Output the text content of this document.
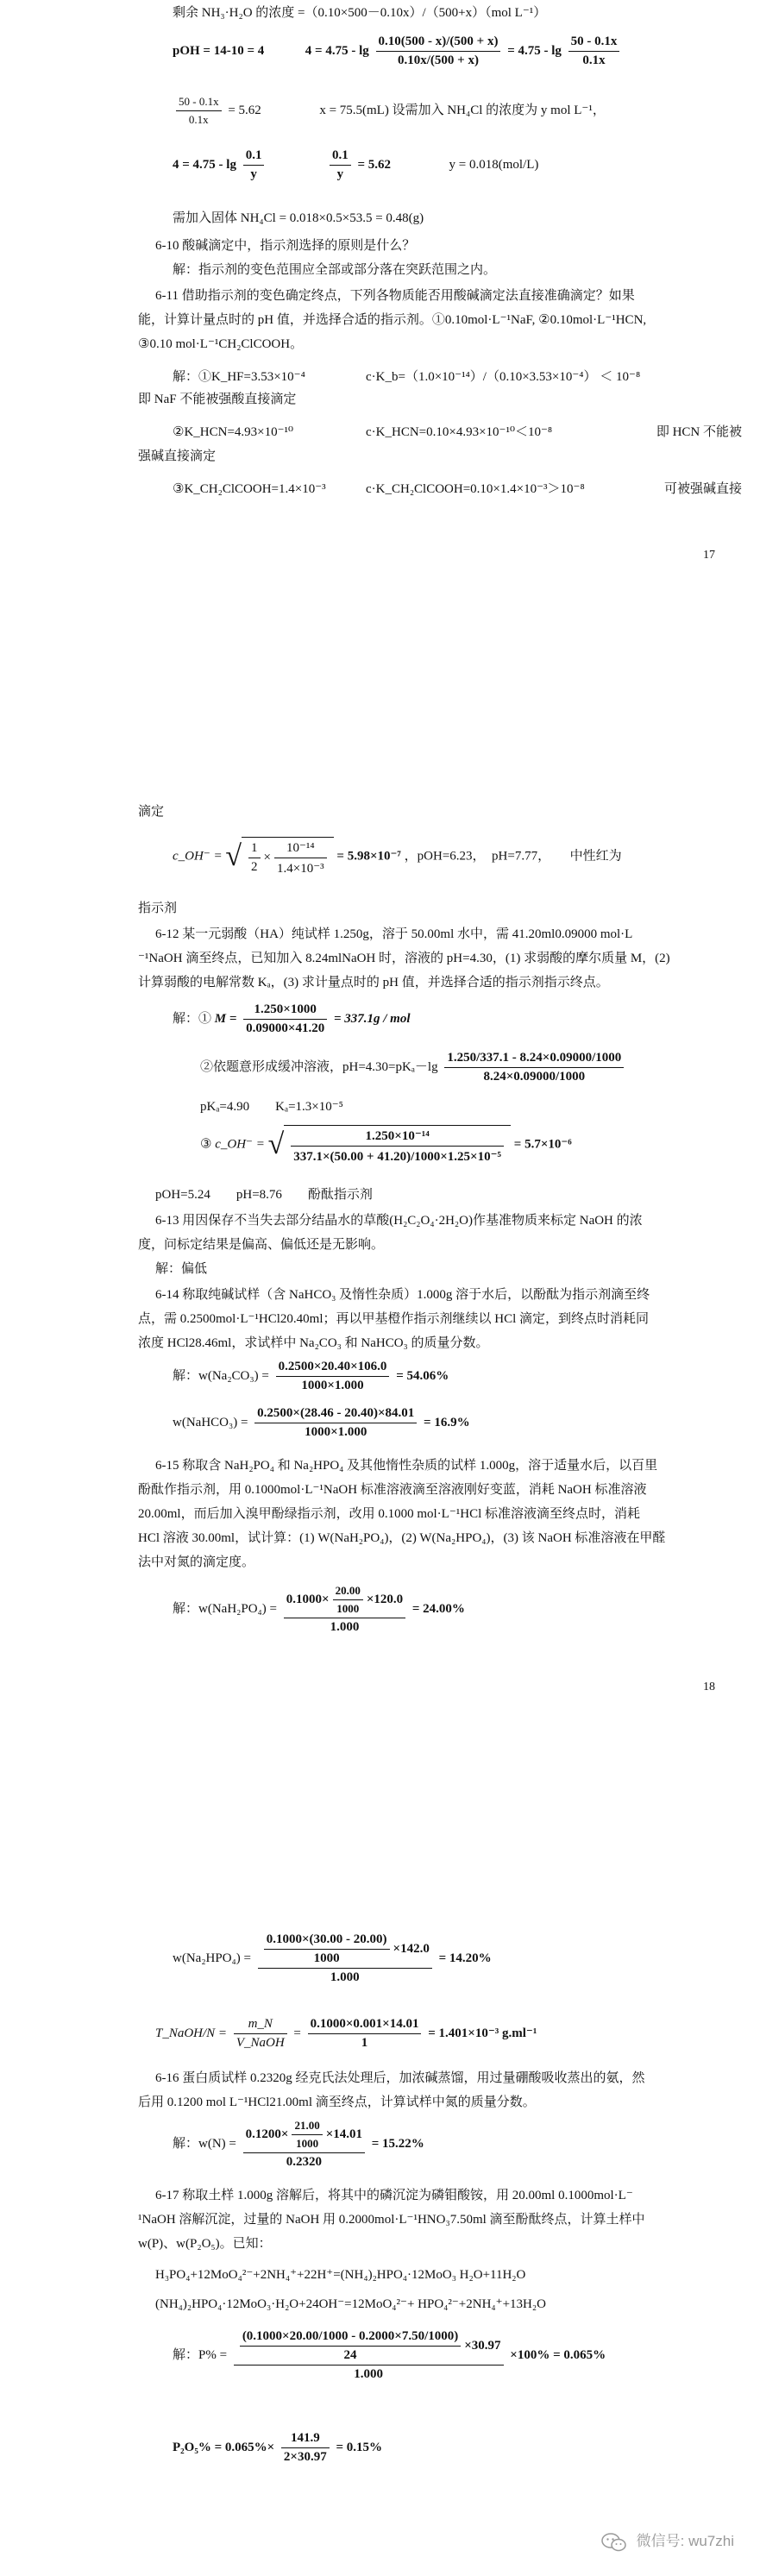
剩余 NH₃·H₂O 的浓度 =（0.10×500－0.10x）/（500+x）（mol L⁻¹）
pOH = 14-10 = 4	$4 = 4.75 - \lg \frac{0.10(500 - x)/(500 + x)}{0.10x/(500 + x)} = 4.75 - \lg \frac{50 - 0.1x}{0.1x}$
$\frac{50 - 0.1x}{0.1x} = 5.62$	x = 75.5(mL) 设需加入 NH₄Cl 的浓度为 y mol L⁻¹，
$4 = 4.75 - \lg \frac{0.1}{y}$
	$\frac{0.1}{y} = 5.62$	y = 0.018(mol/L)
需加入固体 NH₄Cl = 0.018×0.5×53.5 = 0.48(g)
6-10 酸碱滴定中，指示剂选择的原则是什么？
解：指示剂的变色范围应全部或部分落在突跃范围之内。
6-11 借助指示剂的变色确定终点，下列各物质能否用酸碱滴定法直接准确滴定？如果
能，计算计量点时的 pH 值，并选择合适的指示剂。①0.10mol·L⁻¹NaF, ②0.10mol·L⁻¹HCN,
③0.10 mol·L⁻¹CH₂ClCOOH。
解：①K_HF=3.53×10⁻⁴	c·K_b=（1.0×10⁻¹⁴）/（0.10×3.53×10⁻⁴） ＜ 10⁻⁸
即 NaF 不能被强酸直接滴定
②K_HCN=4.93×10⁻¹⁰	c·K_HCN=0.10×4.93×10⁻¹⁰＜10⁻⁸	即 HCN 不能被
强碱直接滴定
③K_CH₂ClCOOH=1.4×10⁻³	c·K_CH₂ClCOOH=0.10×1.4×10⁻³＞10⁻⁸	可被强碱直接
17
滴定
c_OH⁻ = √ $\frac{1}{2} \times \frac{\text{10⁻¹⁴}}{\text{1.4×10⁻³}} = 5.98\times 10^{-7}$ ，pOH=6.23，　pH=7.77，　　中性红为
指示剂
6-12 某一元弱酸（HA）纯试样 1.250g，溶于 50.00ml 水中，需 41.20ml0.09000 mol·L
⁻¹NaOH 滴至终点，已知加入 8.24mlNaOH 时，溶液的 pH=4.30，(1) 求弱酸的摩尔质量 M，(2)
计算弱酸的电解常数 Kₐ，(3) 求计量点时的 pH 值，并选择合适的指示剂指示终点。
解：① $M = \frac{1.250\times 1000}{0.09000\times 41.20} = 337.1g$ / mol
②依题意形成缓冲溶液，$pH=4.30=pK_a-\lg \frac{1.250/337.1 - 8.24\times 0.09000/1000}{8.24\times 0.09000/1000}$
pKₐ=4.90　　Kₐ=1.3×10⁻⁵
③ c_OH⁻ = √ $\frac{\text{1.250×10⁻¹⁴}}{\text{337.1×(50.00 + 41.20)/1000×1.25×10⁻⁵}} = 5.7\times 10^{-6}$
pOH=5.24　　pH=8.76　　酚酞指示剂
6-13 用因保存不当失去部分结晶水的草酸(H₂C₂O₄·2H₂O)作基准物质来标定 NaOH 的浓
度，问标定结果是偏高、偏低还是无影响。
解：偏低
6-14 称取纯碱试样（含 NaHCO₃ 及惰性杂质）1.000g 溶于水后，以酚酞为指示剂滴至终
点，需 0.2500mol·L⁻¹HCl20.40ml；再以甲基橙作指示剂继续以 HCl 滴定，到终点时消耗同
浓度 HCl28.46ml，求试样中 Na₂CO₃ 和 NaHCO₃ 的质量分数。
解：$w(Na_2CO_3) = \frac{0.2500\times 20.40\times 106.0}{1000\times 1.000} = 54.06\%$
w(NaHCO₃) = $\frac{0.2500\times(28.46 - 20.40)\times 84.01}{1000\times 1.000} = 16.9\%$
6-15 称取含 NaH₂PO₄ 和 Na₂HPO₄ 及其他惰性杂质的试样 1.000g，溶于适量水后，以百里
酚酞作指示剂，用 0.1000mol·L⁻¹NaOH 标准溶液滴至溶液刚好变蓝，消耗 NaOH 标准溶液
20.00ml，而后加入溴甲酚绿指示剂，改用 0.1000 mol·L⁻¹HCl 标准溶液滴至终点时，消耗
HCl 溶液 30.00ml，试计算：(1) W(NaH₂PO₄)，(2) W(Na₂HPO₄)，(3) 该 NaOH 标准溶液在甲醛
法中对氮的滴定度。
解：$w(NaH_2PO_4) = \frac{0.1000\times \frac{20.00}{1000} \times 120.0}{1.000} = 24.00\%$
18
$w(Na_2HPO_4) = \frac{\frac{0.1000\times(30.00 - 20.00)}{1000} \times 142.0}{1.000} = 14.20\%$
T_NaOH/N = $\frac{m\_N}{\text{V\_NaOH}} = \frac{0.1000\times 0.001\times 14.01}{1} = 1.401\times 10^{-3}$ g.ml⁻¹
6-16 蛋白质试样 0.2320g 经克氏法处理后，加浓碱蒸馏，用过量硼酸吸收蒸出的氨，然
后用 0.1200 mol L⁻¹HCl21.00ml 滴至终点，计算试样中氮的质量分数。
解：$w(N) = \frac{0.1200\times \frac{21.00}{1000} \times 14.01}{0.2320} = 15.22\%$
6-17 称取土样 1.000g 溶解后，将其中的磷沉淀为磷钼酸铵，用 20.00ml 0.1000mol·L⁻
¹NaOH 溶解沉淀，过量的 NaOH 用 0.2000mol·L⁻¹HNO₃7.50ml 滴至酚酞终点，计算土样中
w(P)、w(P₂O₅)。已知：
H₃PO₄+12MoO₄²⁻+2NH₄⁺+22H⁺=(NH₄)₂HPO₄·12MoO₃ H₂O+11H₂O
(NH₄)₂HPO₄·12MoO₃·H₂O+24OH⁻=12MoO₄²⁻+ HPO₄²⁻+2NH₄⁺+13H₂O
解：$P\% = \frac{\frac{(0.1000\times 20.00/1000 - 0.2000\times 7.50/1000)}{24} \times 30.97}{1.000} \times 100\% = 0.065\%$
$P_2O_5\% = 0.065\%\times \frac{141.9}{2\times 30.97} = 0.15\%$
微信号: wu7zhi
